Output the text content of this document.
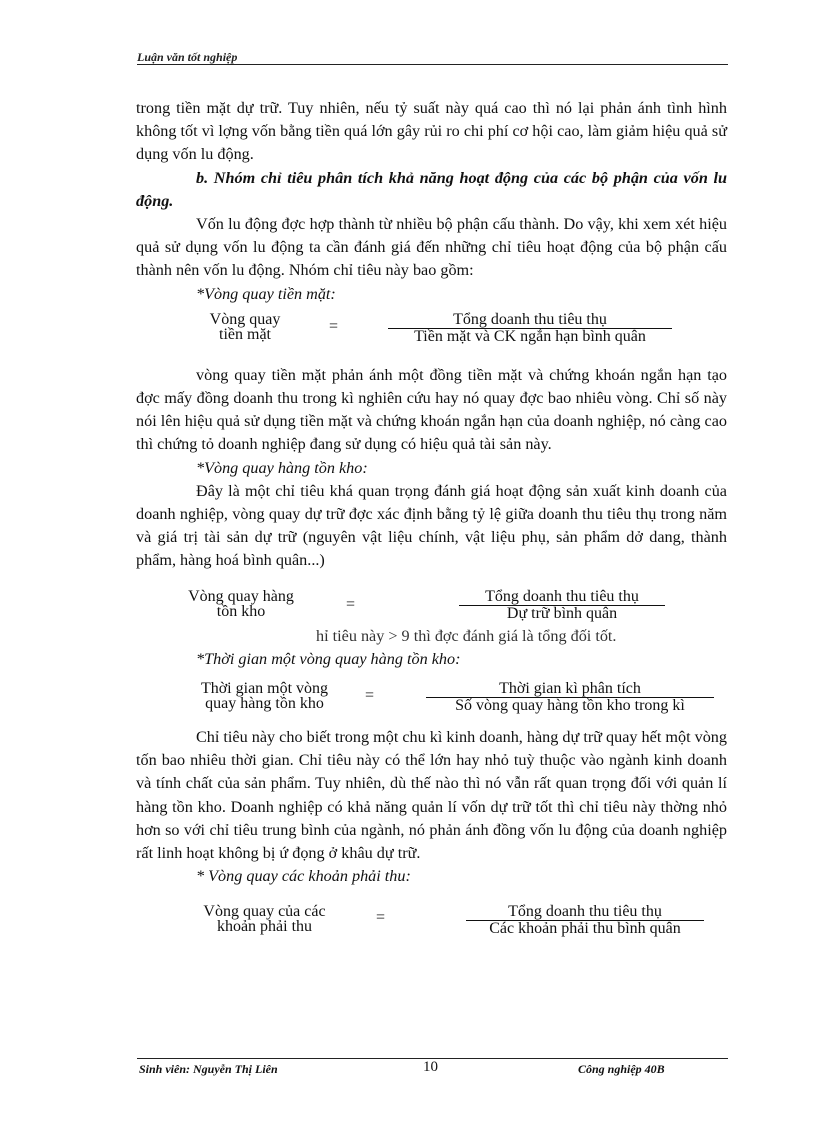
Luận văn tốt nghiệp

trong tiền mặt dự trữ. Tuy nhiên, nếu tỷ suất này quá cao thì nó lại phản ánh tình hình không tốt vì lợng vốn bằng tiền quá lớn gây rủi ro chi phí cơ hội cao, làm giảm hiệu quả sử dụng vốn lu động.

b. Nhóm chỉ tiêu phân tích khả năng hoạt động của các bộ phận của vốn lu động.

Vốn lu động đợc hợp thành từ nhiều bộ phận cấu thành. Do vậy, khi xem xét hiệu quả sử dụng vốn lu động ta cần đánh giá đến những chỉ tiêu hoạt động của bộ phận cấu thành nên vốn lu động. Nhóm chỉ tiêu này bao gồm:

*Vòng quay tiền mặt:

Vòng quay
tiền mặt	=	Tổng doanh thu tiêu thụ
Tiền mặt và CK ngắn hạn bình quân

vòng quay tiền mặt phản ánh một đồng tiền mặt và chứng khoán ngắn hạn tạo đợc mấy đồng doanh thu trong kì nghiên cứu hay nó quay đợc bao nhiêu vòng. Chỉ số này nói lên hiệu quả sử dụng tiền mặt và chứng khoán ngắn hạn của doanh nghiệp, nó càng cao thì chứng tỏ doanh nghiệp đang sử dụng có hiệu quả tài sản này.

*Vòng quay hàng tồn kho:

Đây là một chỉ tiêu khá quan trọng đánh giá hoạt động sản xuất kinh doanh của doanh nghiệp, vòng quay dự trữ đợc xác định bằng tỷ lệ giữa doanh thu tiêu thụ trong năm và giá trị tài sản dự trữ (nguyên vật liệu chính, vật liệu phụ, sản phẩm dở dang, thành phẩm, hàng hoá bình quân...)

Vòng quay hàng
tồn kho	=	Tổng doanh thu tiêu thụ
Dự trữ bình quân

hỉ tiêu này > 9 thì đợc đánh giá là tổng đối tốt.

*Thời gian một vòng quay hàng tồn kho:

Thời gian một vòng
quay hàng tồn kho	=	Thời gian kì phân tích
Số vòng quay hàng tồn kho trong kì

Chỉ tiêu này cho biết trong một chu kì kinh doanh, hàng dự trữ quay hết một vòng tốn bao nhiêu thời gian. Chỉ tiêu này có thể lớn hay nhỏ tuỳ thuộc vào ngành kinh doanh và tính chất của sản phẩm. Tuy nhiên, dù thế nào thì nó vẫn rất quan trọng đối với quản lí hàng tồn kho. Doanh nghiệp có khả năng quản lí vốn dự trữ tốt thì chỉ tiêu này thờng nhỏ hơn so với chỉ tiêu trung bình của ngành, nó phản ánh đồng vốn lu động của doanh nghiệp rất linh hoạt không bị ứ đọng ở khâu dự trữ.

* Vòng quay các khoản phải thu:

Vòng quay của các
khoản phải thu
=	Tổng doanh thu tiêu thụ
Các khoản phải thu bình quân
Sinh viên: Nguyễn Thị Liên	10	Công nghiệp 40B
